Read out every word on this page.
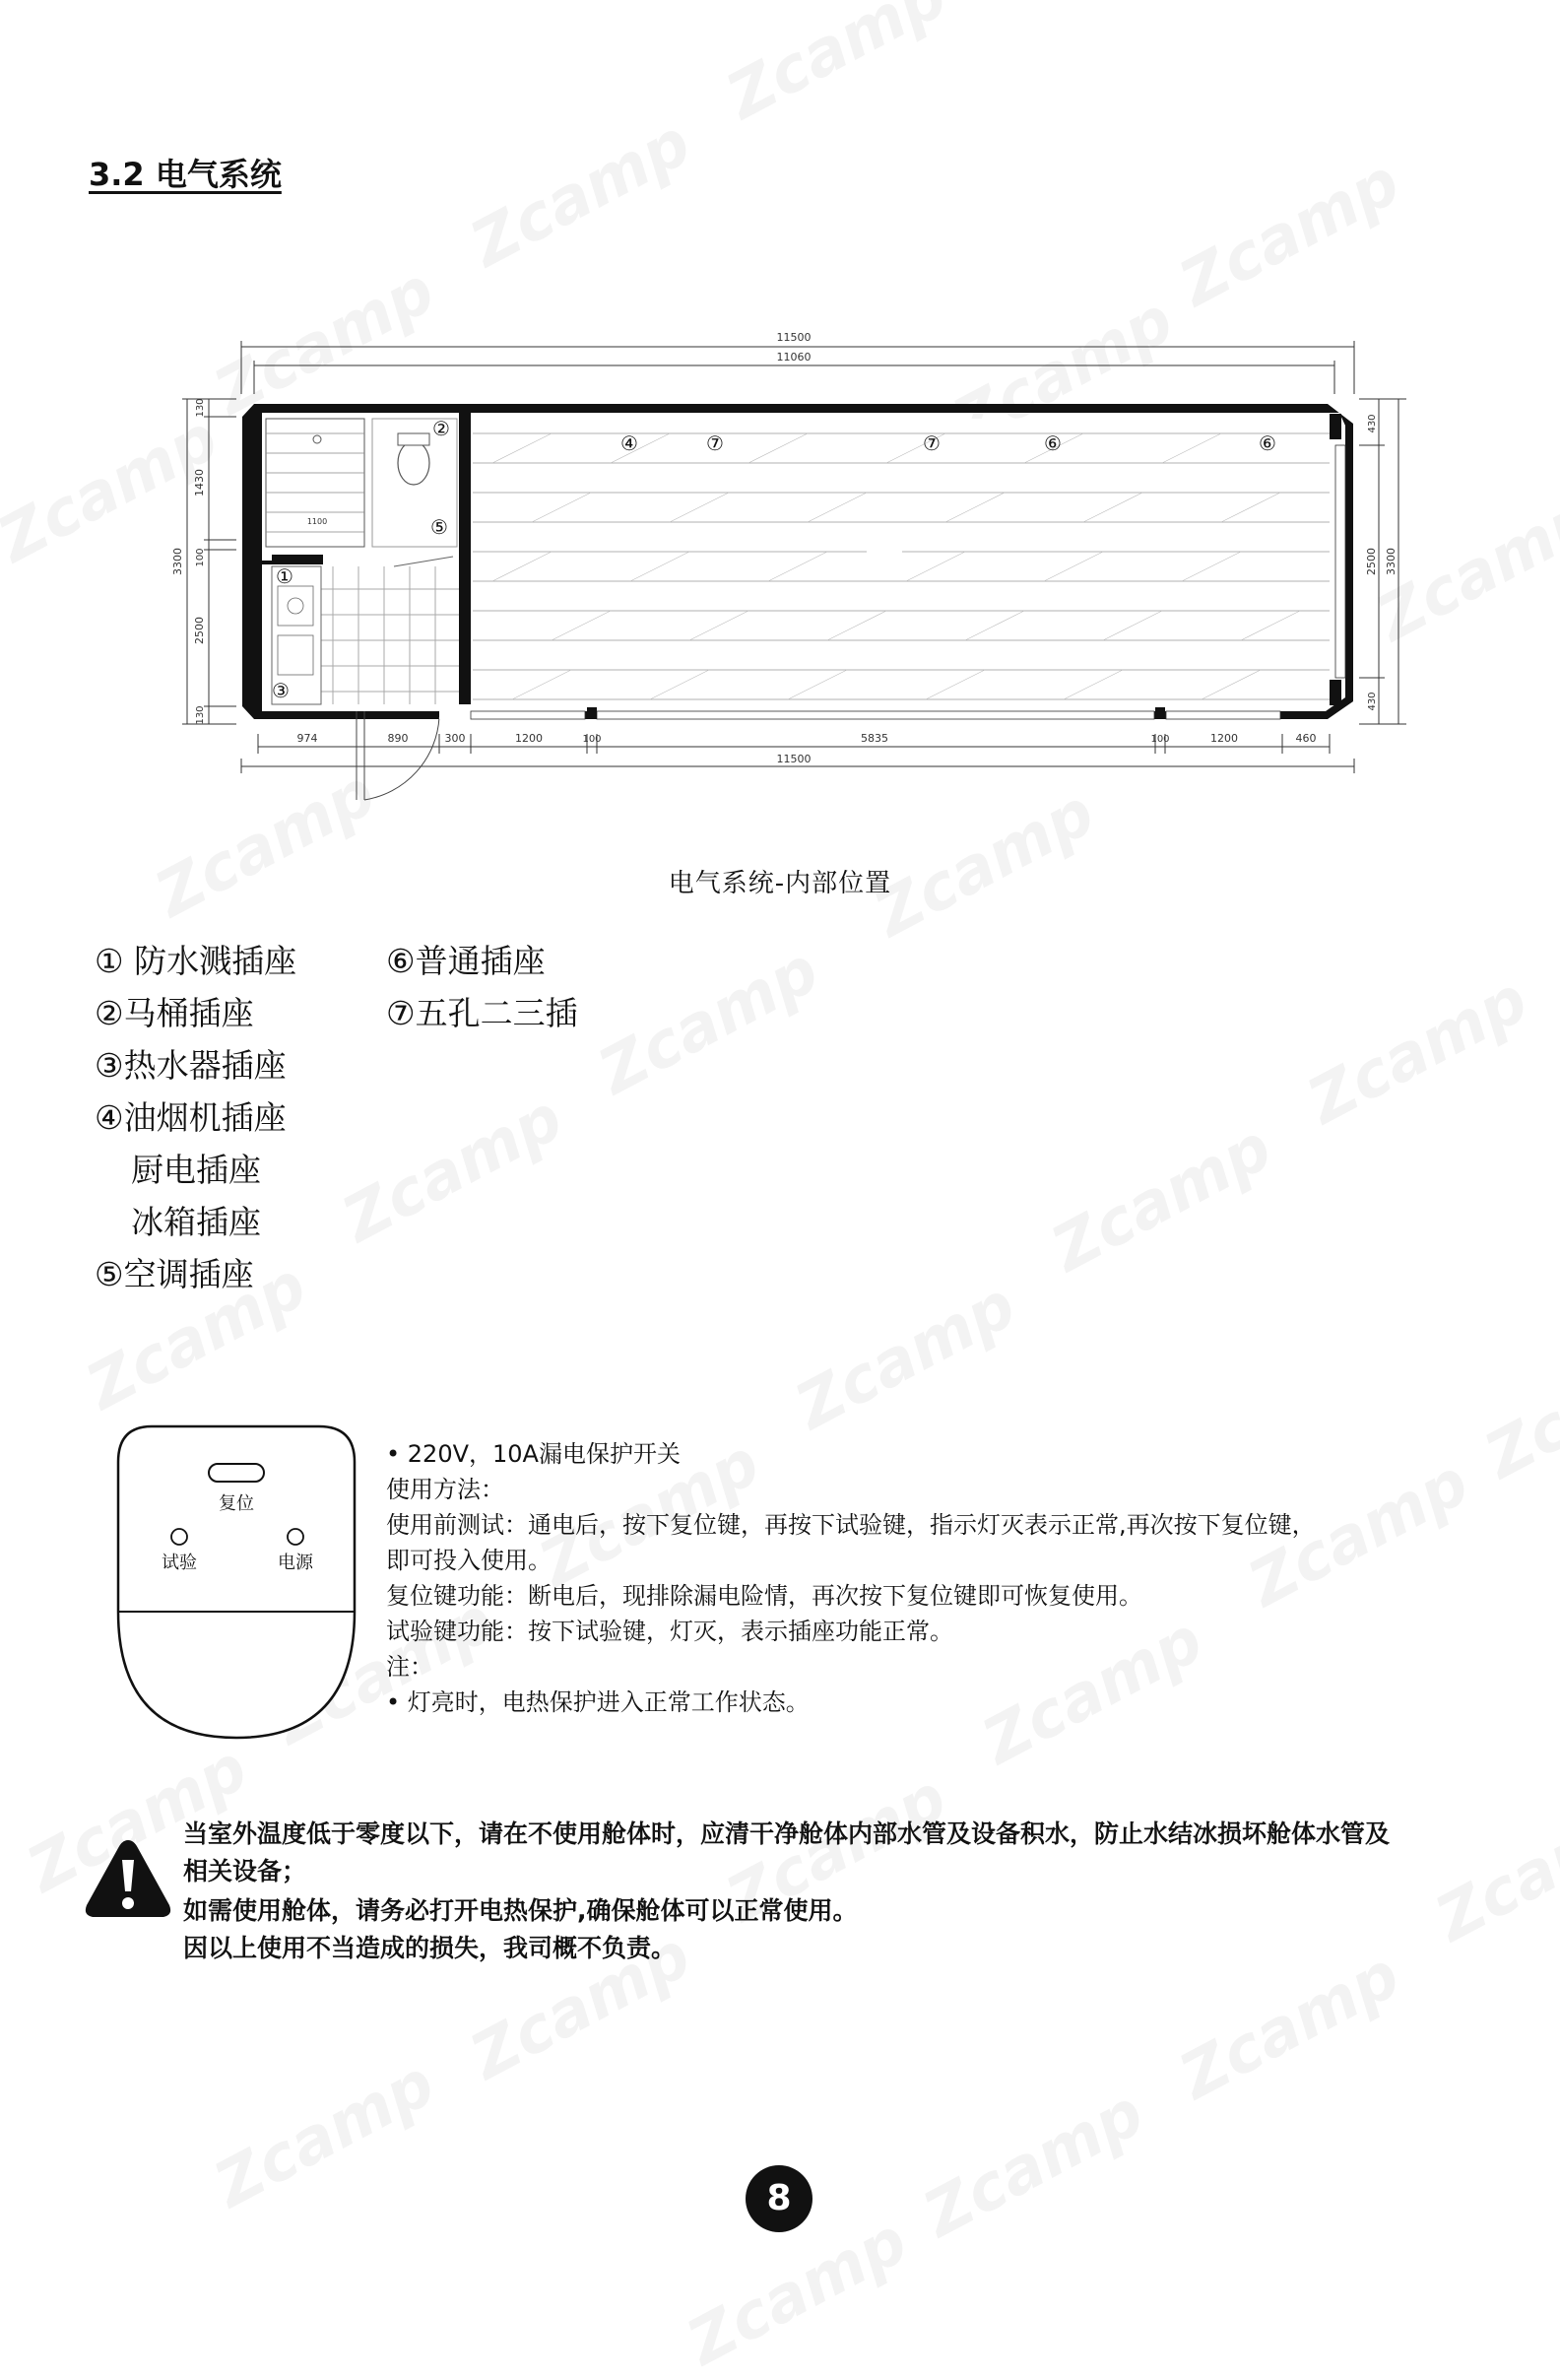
3.2 电气系统
11500
11060
3300
130
1430
100
2500
130
3300
430
2500
430
974	890	300	1200	100	5835	100	1200	460
11500
1100
②
⑤
①
③
④	⑦	⑦	⑥	⑥
电气系统-内部位置
① 防水溅插座
②马桶插座
③热水器插座
④油烟机插座
厨电插座
冰箱插座
⑤空调插座
⑥普通插座
⑦五孔二三插
复位
试验	电源
• 220V，10A漏电保护开关
使用方法：
使用前测试：通电后，按下复位键，再按下试验键，指示灯灭表示正常,再次按下复位键，
即可投入使用。
复位键功能：断电后，现排除漏电险情，再次按下复位键即可恢复使用。
试验键功能：按下试验键，灯灭，表示插座功能正常。
注：
• 灯亮时，电热保护进入正常工作状态。
当室外温度低于零度以下，请在不使用舱体时，应清干净舱体内部水管及设备积水，防止水结冰损坏舱体水管及
相关设备；
如需使用舱体，请务必打开电热保护,确保舱体可以正常使用。
因以上使用不当造成的损失，我司概不负责。
8
